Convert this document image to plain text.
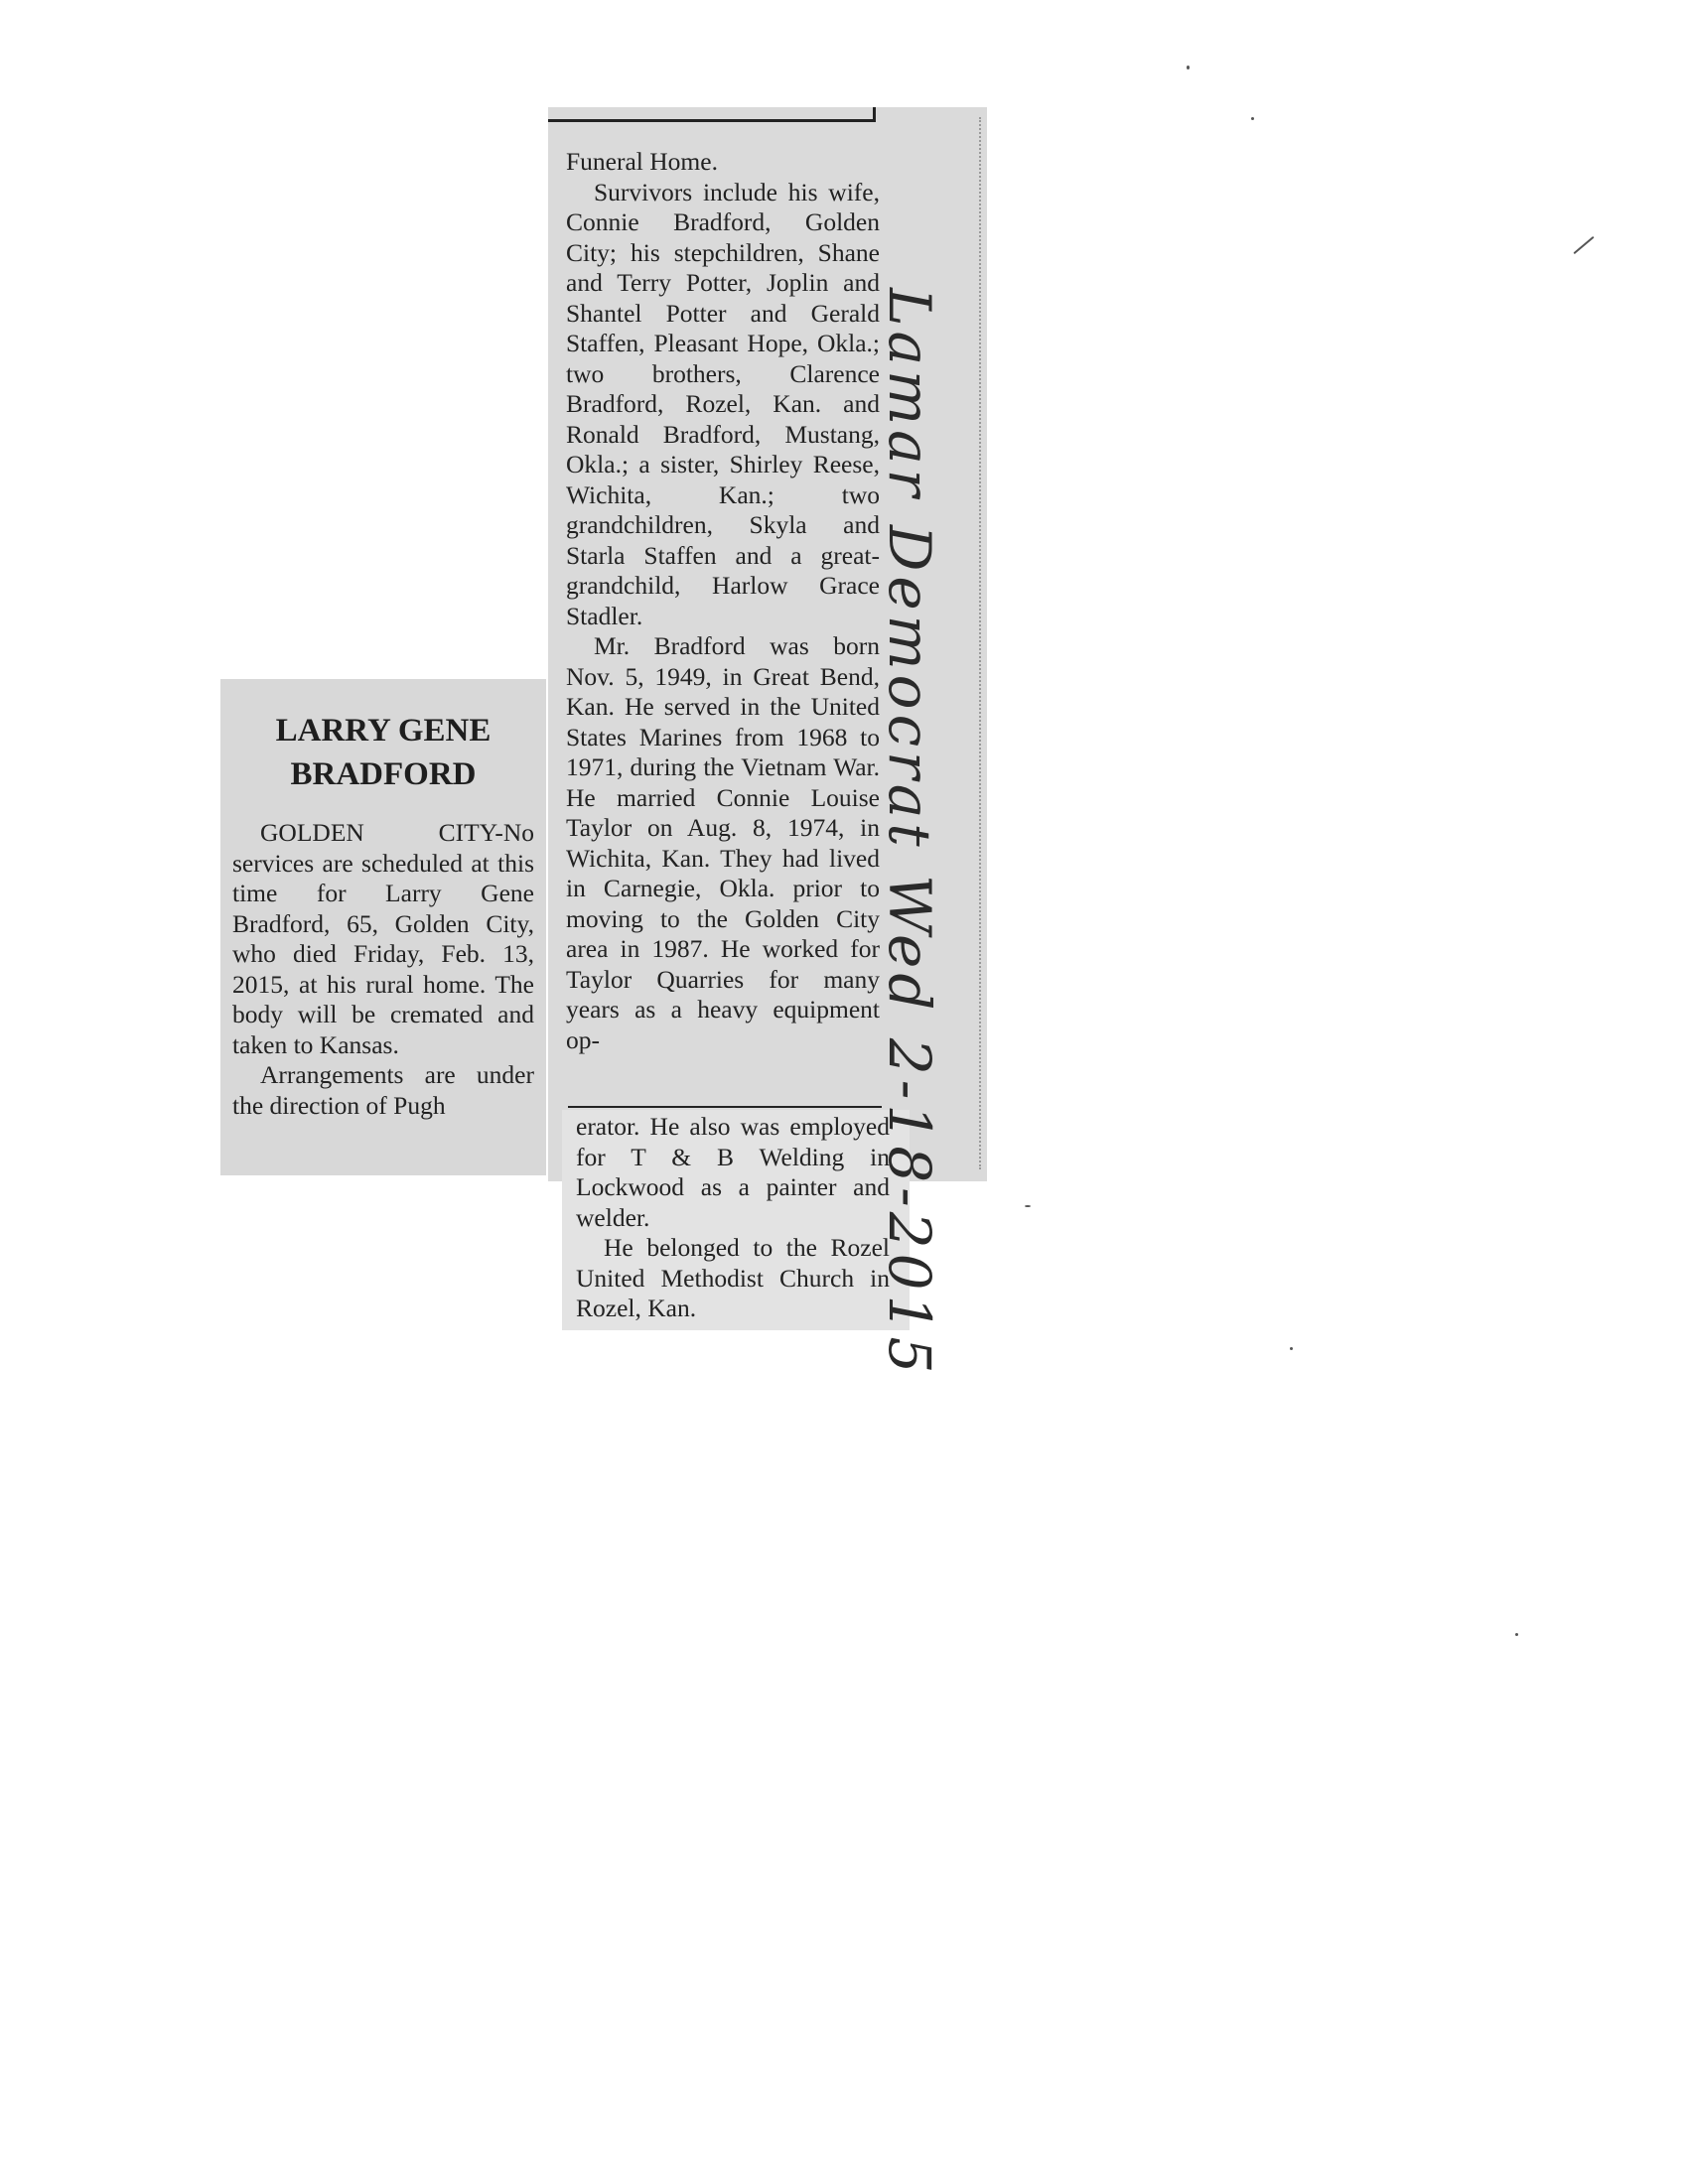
LARRY GENE
BRADFORD

GOLDEN CITY-No services are scheduled at this time for Larry Gene Bradford, 65, Golden City, who died Friday, Feb. 13, 2015, at his rural home. The body will be cremated and taken to Kansas.

Arrangements are under the direction of Pugh

Funeral Home.

Survivors include his wife, Connie Bradford, Golden City; his stepchildren, Shane and Terry Potter, Joplin and Shantel Potter and Gerald Staffen, Pleasant Hope, Okla.; two brothers, Clarence Bradford, Rozel, Kan. and Ronald Bradford, Mustang, Okla.; a sister, Shirley Reese, Wichita, Kan.; two grandchildren, Skyla and Starla Staffen and a great-grandchild, Harlow Grace Stadler.

Mr. Bradford was born Nov. 5, 1949, in Great Bend, Kan. He served in the United States Marines from 1968 to 1971, during the Vietnam War. He married Connie Louise Taylor on Aug. 8, 1974, in Wichita, Kan. They had lived in Carnegie, Okla. prior to moving to the Golden City area in 1987. He worked for Taylor Quarries for many years as a heavy equipment op-

erator. He also was employed for T & B Welding in Lockwood as a painter and welder.

He belonged to the Rozel United Methodist Church in Rozel, Kan.	Lamar Democrat Wed 2-18-2015
